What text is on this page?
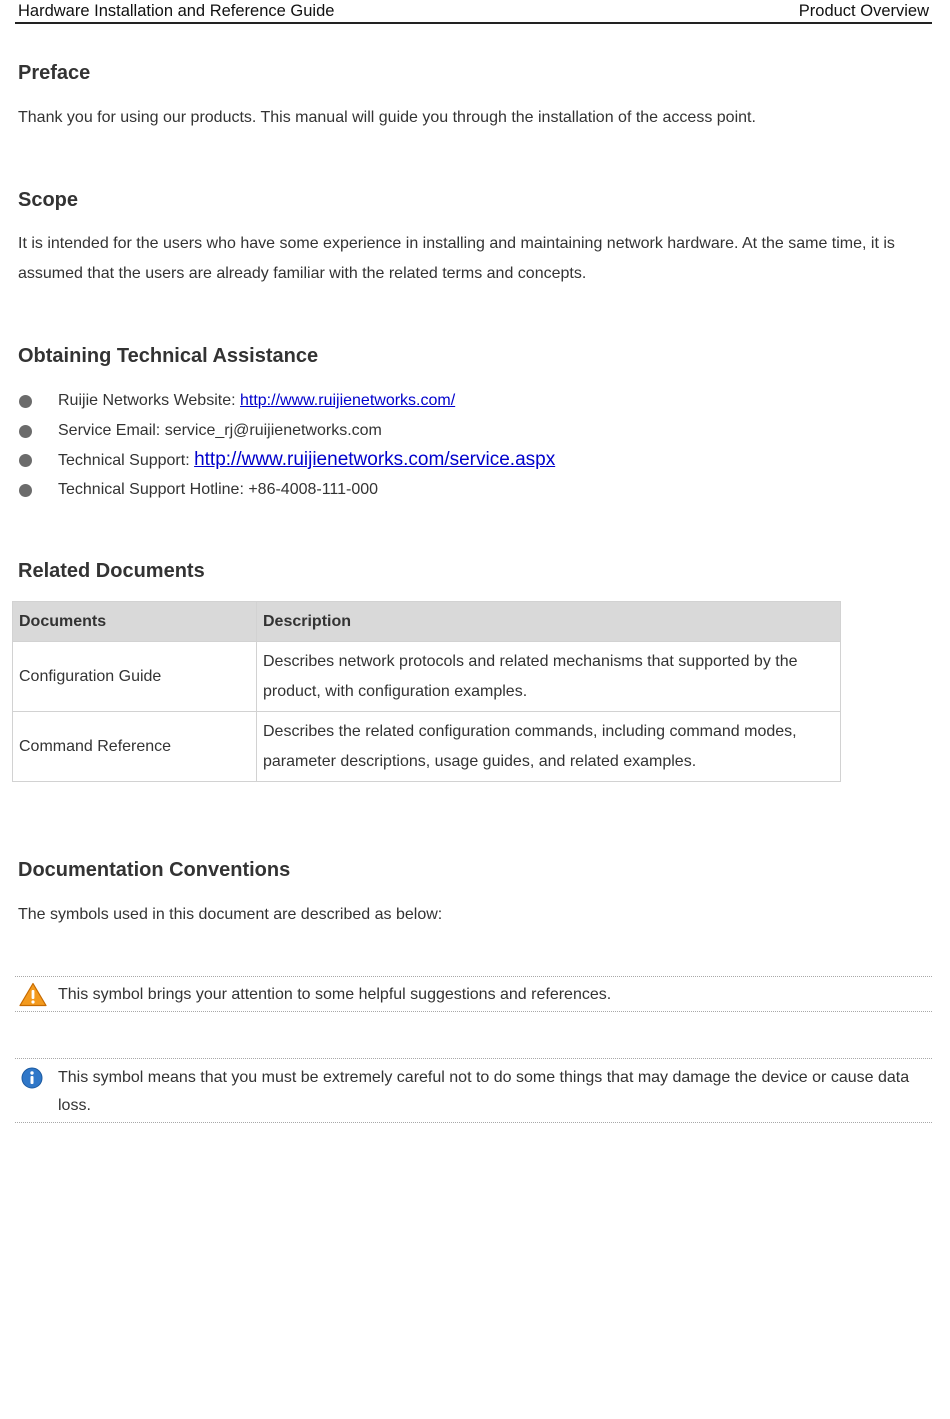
Hardware Installation and Reference Guide	Product Overview
Preface

Thank you for using our products. This manual will guide you through the installation of the access point.

Scope

It is intended for the users who have some experience in installing and maintaining network hardware. At the same time, it is assumed that the users are already familiar with the related terms and concepts.

Obtaining Technical Assistance
Ruijie Networks Website: http://www.ruijienetworks.com/
Service Email: service_rj@ruijienetworks.com
Technical Support: http://www.ruijienetworks.com/service.aspx
Technical Support Hotline: +86-4008-111-000
Related Documents
Documents	Description
Configuration Guide	Describes network protocols and related mechanisms that supported by the product, with configuration examples.
Command Reference	Describes the related configuration commands, including command modes, parameter descriptions, usage guides, and related examples.
Documentation Conventions

The symbols used in this document are described as below:

This symbol brings your attention to some helpful suggestions and references.
This symbol means that you must be extremely careful not to do some things that may damage the device or cause data loss.
